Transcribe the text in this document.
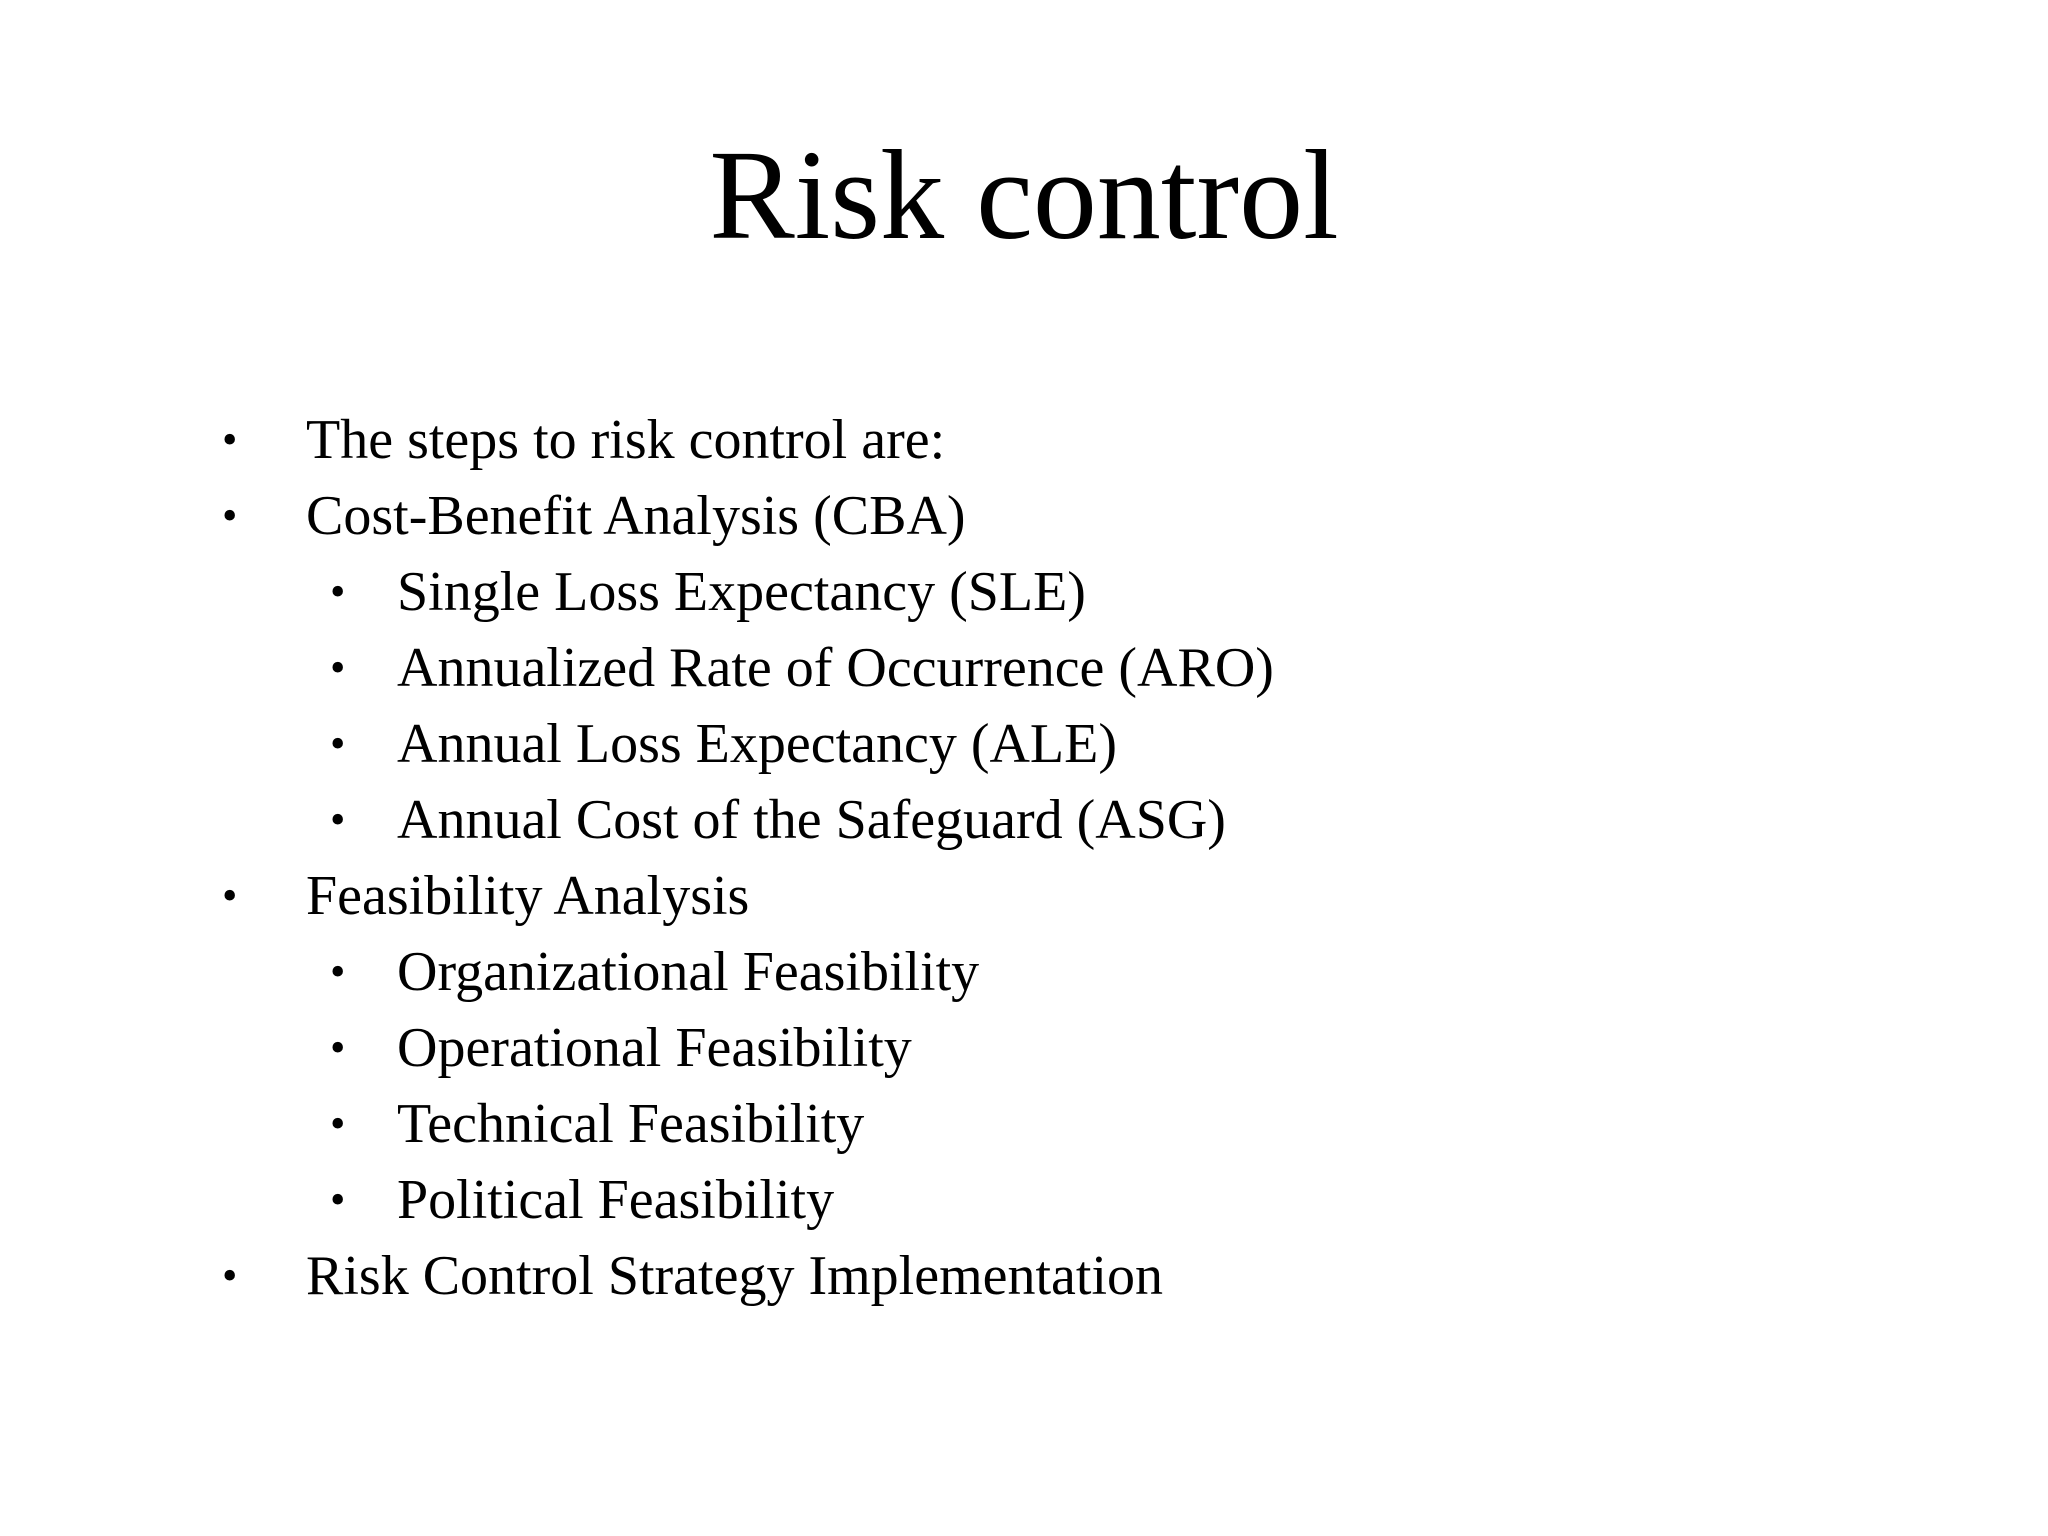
Risk control
• The steps to risk control are:
• Cost-Benefit Analysis (CBA)
• Single Loss Expectancy (SLE)
• Annualized Rate of Occurrence (ARO)
• Annual Loss Expectancy (ALE)
• Annual Cost of the Safeguard (ASG)
• Feasibility Analysis
• Organizational Feasibility
• Operational Feasibility
• Technical Feasibility
• Political Feasibility
• Risk Control Strategy Implementation
